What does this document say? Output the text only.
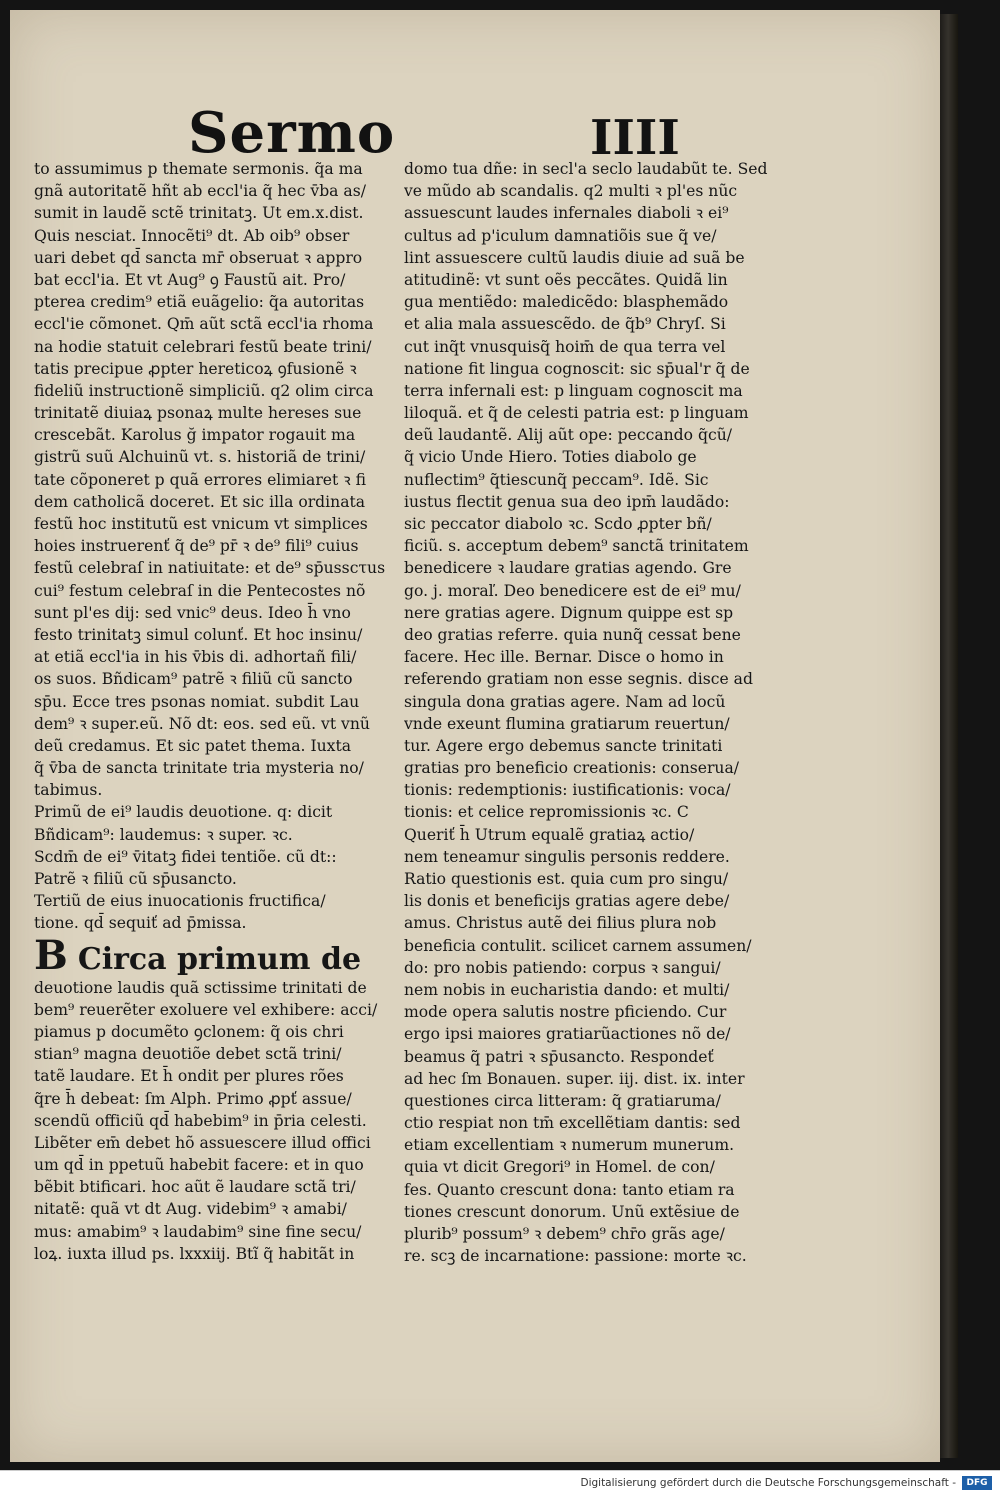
Sermo	IIII
to assumimus p themate sermonis. q̃a ma
gnã autoritatẽ hñt ab eccl'ia q̃ hec v̄ba as/
sumit in laudẽ sctẽ trinitatꝫ. Ut em.x.dist.
Quis nesciat. Innocẽti⁹ dt. Ab oib⁹ obser
uari debet qd̄ sancta mr̄ obseruat ꝛ appro
bat eccl'ia. Et vt Aug⁹ ꝯ Faustũ ait. Pro/
pterea credim⁹ etiã euãgelio: q̃a autoritas
eccl'ie cõmonet. Qm̄ aũt sctã eccl'ia rhoma
na hodie statuit celebrari festũ beate trini/
tatis precipue ꝓpter hereticoꝝ ꝯfusionẽ ꝛ
fideliũ instructionẽ simpliciũ. q2 olim circa
trinitatẽ diuiaꝝ psonaꝝ multe hereses sue
crescebãt. Karolus ğ impator rogauit ma
gistrũ suũ Alchuinũ vt. s. historiã de trini/
tate cõponeret p quã errores elimiaret ꝛ fi
dem catholicã doceret. Et sic illa ordinata
festũ hoc institutũ est vnicum vt simplices
hoies instruerenť q̃ de⁹ pr̄ ꝛ de⁹ fili⁹ cuius
festũ celebraſ in natiuitate: et de⁹ sp̄usscτus
cui⁹ festum celebraſ in die Pentecostes nõ
sunt pl'es dij: sed vnic⁹ deus. Ideo h̄ vno
festo trinitatꝫ simul colunť. Et hoc insinu/
at etiã eccl'ia in his v̄bis di. adhortañ fili/
os suos. Bñdicam⁹ patrẽ ꝛ filiũ cũ sancto
sp̄u. Ecce tres psonas nomiat. subdit Lau
dem⁹ ꝛ super.eũ. Nõ dt: eos. sed eũ. vt vnũ
deũ credamus. Et sic patet thema. Iuxta
q̃ v̄ba de sancta trinitate tria mysteria no/
tabimus.
Primũ de ei⁹ laudis deuotione. q: dicit
Bñdicam⁹: laudemus: ꝛ super. ꝛc.
Scdm̄ de ei⁹ v̄itatꝫ fidei tentiõe. cũ dt::
Patrẽ ꝛ filiũ cũ sp̄usancto.
Tertiũ de eius inuocationis fructifica/
tione. qd̄ sequiť ad p̄missa.
B Circa primum de
deuotione laudis quã sctissime trinitati de
bem⁹ reuerẽter exoluere vel exhibere: acci/
piamus p documẽto ꝯclonem: q̃ ois chri
stian⁹ magna deuotiõe debet sctã trini/
tatẽ laudare. Et h̄ ondit per plures rões
q̃re h̄ debeat: ſm Alph. Primo ꝓpť assue/
scendũ officiũ qd̄ habebim⁹ in p̄ria celesti.
Libẽter em̄ debet hõ assuescere illud offici
um qd̄ in ppetuũ habebit facere: et in quo
bẽbit btificari. hoc aũt ẽ laudare sctã tri/
nitatẽ: quã vt dt Aug. videbim⁹ ꝛ amabi/
mus: amabim⁹ ꝛ laudabim⁹ sine fine secu/
loꝝ. iuxta illud ps. lxxxiij. Btĩ q̃ habitãt in
domo tua dñe: in secl'a seclo laudabũt te. Sed
ve mũdo ab scandalis. q2 multi ꝛ pl'es nũc
assuescunt laudes infernales diaboli ꝛ ei⁹
cultus ad p'iculum damnatiõis sue q̃ ve/
lint assuescere cultũ laudis diuie ad suã be
atitudinẽ: vt sunt oẽs peccãtes. Quidã lin
gua mentiẽdo: maledicẽdo: blasphemãdo
et alia mala assuescẽdo. de q̃b⁹ Chryſ. Si
cut inq̃t vnusquisq̃ hoim̄ de qua terra vel
natione fit lingua cognoscit: sic sp̄ual'r q̃ de
terra infernali est: p linguam cognoscit ma
liloquã. et q̃ de celesti patria est: p linguam
deũ laudantẽ. Alij aũt ope: peccando q̃cũ/
q̃ vicio Unde Hiero. Toties diabolo ge
nuflectim⁹ q̃tiescunq̃ peccam⁹. Idẽ. Sic
iustus flectit genua sua deo ipm̄ laudãdo:
sic peccator diabolo ꝛc. Scdo ꝓpter bñ/
ficiũ. s. acceptum debem⁹ sanctã trinitatem
benedicere ꝛ laudare gratias agendo. Gre
go. j. moraľ. Deo benedicere est de ei⁹ mu/
nere gratias agere. Dignum quippe est sp
deo gratias referre. quia nunq̃ cessat bene
facere. Hec ille. Bernar. Disce o homo in
referendo gratiam non esse segnis. disce ad
singula dona gratias agere. Nam ad locũ
vnde exeunt flumina gratiarum reuertun/
tur. Agere ergo debemus sancte trinitati
gratias pro beneficio creationis: conserua/
tionis: redemptionis: iustificationis: voca/
tionis: et celice repromissionis ꝛc. C
Queriť h̄ Utrum equalẽ gratiaꝝ actio/
nem teneamur singulis personis reddere.
Ratio questionis est. quia cum pro singu/
lis donis et beneficijs gratias agere debe/
amus. Christus autẽ dei filius plura nob
beneficia contulit. scilicet carnem assumen/
do: pro nobis patiendo: corpus ꝛ sangui/
nem nobis in eucharistia dando: et multi/
mode opera salutis nostre pficiendo. Cur
ergo ipsi maiores gratiarũactiones nõ de/
beamus q̃ patri ꝛ sp̄usancto. Respondeť
ad hec ſm Bonauen. super. iij. dist. ix. inter
questiones circa litteram: q̃ gratiaruma/
ctio respiat non tm̄ excellẽtiam dantis: sed
etiam excellentiam ꝛ numerum munerum.
quia vt dicit Gregori⁹ in Homel. de con/
fes. Quanto crescunt dona: tanto etiam ra
tiones crescunt donorum. Unũ extẽsiue de
plurib⁹ possum⁹ ꝛ debem⁹ chr̄o grãs age/
re. scꝫ de incarnatione: passione: morte ꝛc.
Digitalisierung gefördert durch die Deutsche Forschungsgemeinschaft -	DFG
